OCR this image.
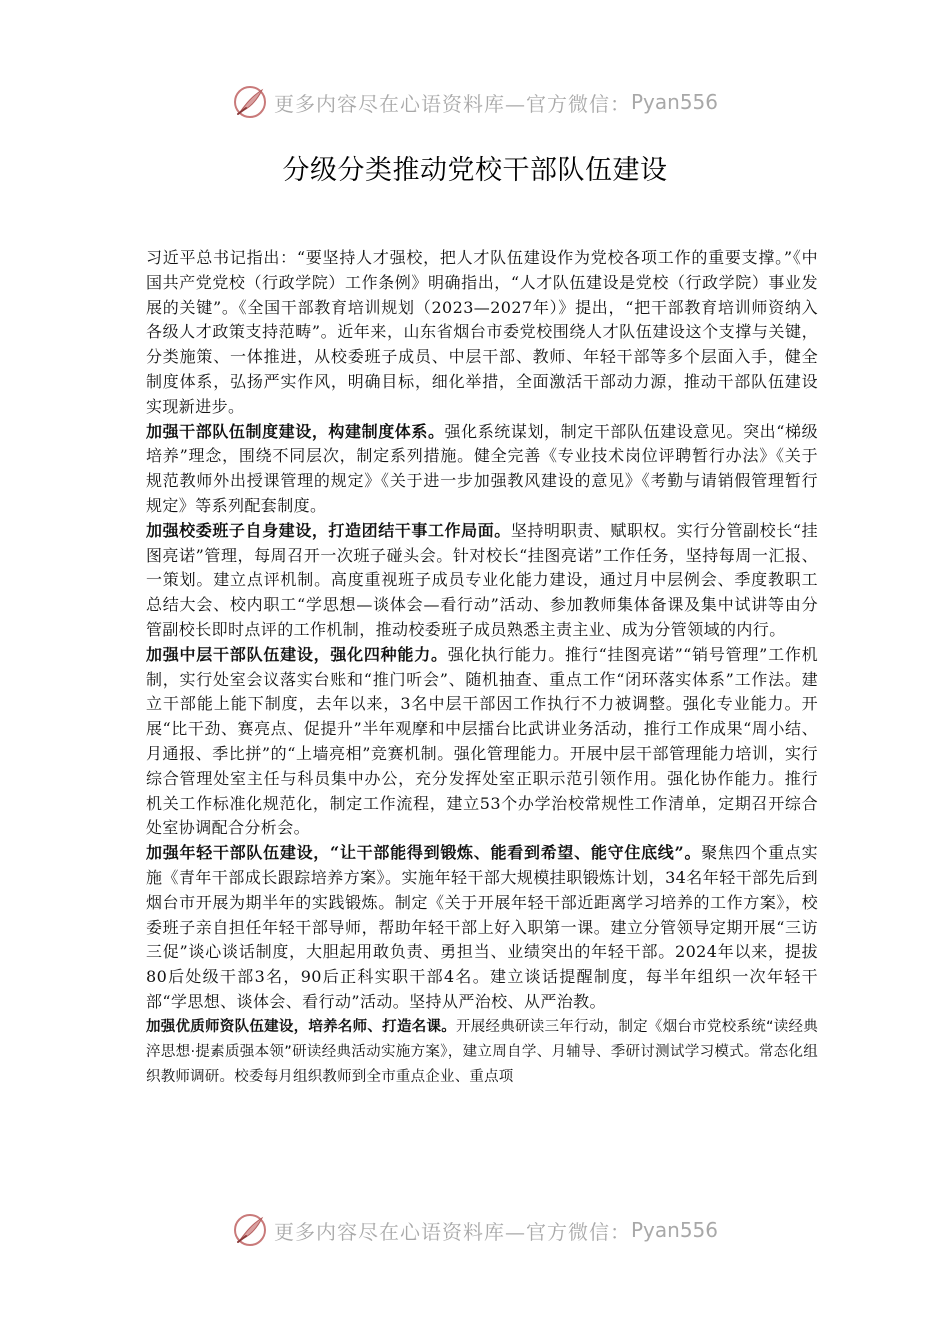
更多内容尽在心语资料库—官方微信： Pyan556
分级分类推动党校干部队伍建设

习近平总书记指出：“要坚持人才强校，把人才队伍建设作为党校各项工作的重要支撑。”《中国共产党党校（行政学院）工作条例》明确指出，“人才队伍建设是党校（行政学院）事业发展的关键”。《全国干部教育培训规划（2023—2027年）》提出，“把干部教育培训师资纳入各级人才政策支持范畴”。近年来，山东省烟台市委党校围绕人才队伍建设这个支撑与关键，分类施策、一体推进，从校委班子成员、中层干部、教师、年轻干部等多个层面入手，健全制度体系，弘扬严实作风，明确目标，细化举措，全面激活干部动力源，推动干部队伍建设实现新进步。

加强干部队伍制度建设，构建制度体系。强化系统谋划，制定干部队伍建设意见。突出“梯级培养”理念，围绕不同层次，制定系列措施。健全完善《专业技术岗位评聘暂行办法》《关于规范教师外出授课管理的规定》《关于进一步加强教风建设的意见》《考勤与请销假管理暂行规定》等系列配套制度。

加强校委班子自身建设，打造团结干事工作局面。坚持明职责、赋职权。实行分管副校长“挂图亮诺”管理，每周召开一次班子碰头会。针对校长“挂图亮诺”工作任务，坚持每周一汇报、一策划。建立点评机制。高度重视班子成员专业化能力建设，通过月中层例会、季度教职工总结大会、校内职工“学思想—谈体会—看行动”活动、参加教师集体备课及集中试讲等由分管副校长即时点评的工作机制，推动校委班子成员熟悉主责主业、成为分管领域的内行。

加强中层干部队伍建设，强化四种能力。强化执行能力。推行“挂图亮诺”“销号管理”工作机制，实行处室会议落实台账和“推门听会”、随机抽查、重点工作“闭环落实体系”工作法。建立干部能上能下制度，去年以来，3名中层干部因工作执行不力被调整。强化专业能力。开展“比干劲、赛亮点、促提升”半年观摩和中层擂台比武讲业务活动，推行工作成果“周小结、月通报、季比拼”的“上墙亮相”竞赛机制。强化管理能力。开展中层干部管理能力培训，实行综合管理处室主任与科员集中办公，充分发挥处室正职示范引领作用。强化协作能力。推行机关工作标准化规范化，制定工作流程，建立53个办学治校常规性工作清单，定期召开综合处室协调配合分析会。

加强年轻干部队伍建设，“让干部能得到锻炼、能看到希望、能守住底线”。聚焦四个重点实施《青年干部成长跟踪培养方案》。实施年轻干部大规模挂职锻炼计划，34名年轻干部先后到烟台市开展为期半年的实践锻炼。制定《关于开展年轻干部近距离学习培养的工作方案》，校委班子亲自担任年轻干部导师，帮助年轻干部上好入职第一课。建立分管领导定期开展“三访三促”谈心谈话制度，大胆起用敢负责、勇担当、业绩突出的年轻干部。2024年以来，提拔80后处级干部3名，90后正科实职干部4名。建立谈话提醒制度，每半年组织一次年轻干部“学思想、谈体会、看行动”活动。坚持从严治校、从严治教。

加强优质师资队伍建设，培养名师、打造名课。开展经典研读三年行动，制定《烟台市党校系统“读经典淬思想·提素质强本领”研读经典活动实施方案》，建立周自学、月辅导、季研讨测试学习模式。常态化组织教师调研。校委每月组织教师到全市重点企业、重点项

更多内容尽在心语资料库—官方微信： Pyan556
